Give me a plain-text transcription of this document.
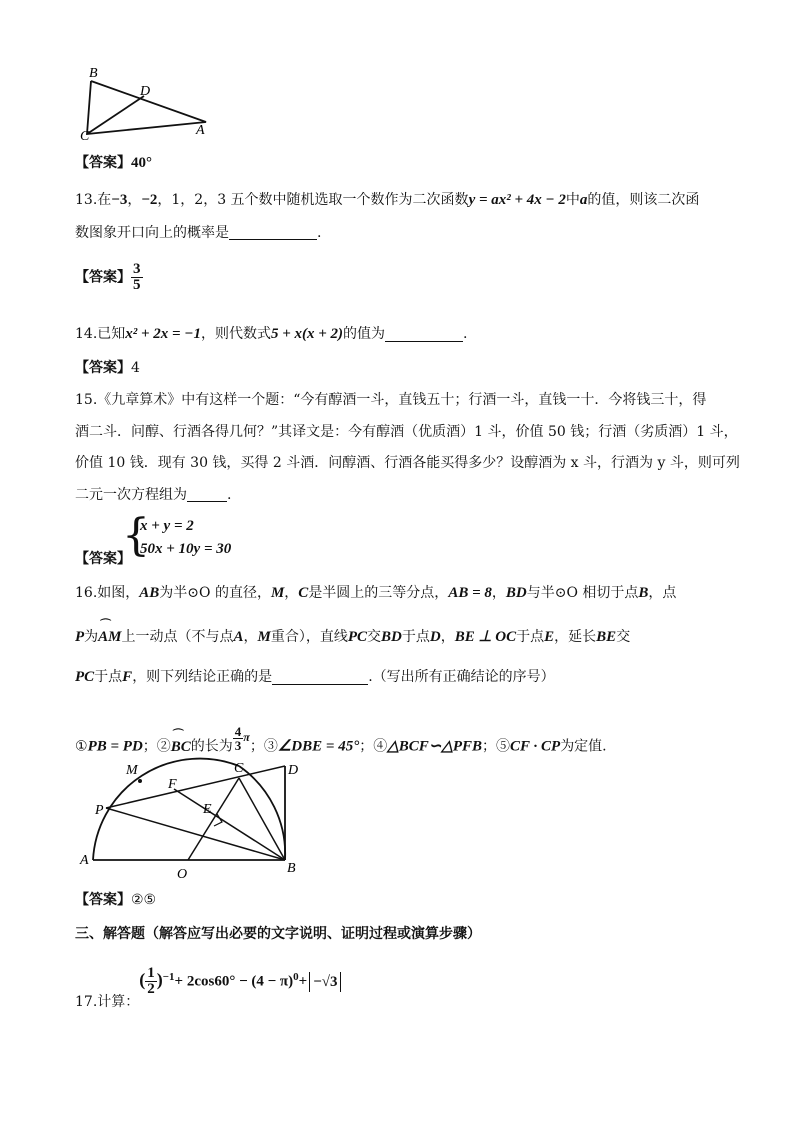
B
D
C	A
【答案】40°
13.在−3，−2，1，2，3 五个数中随机选取一个数作为二次函数y = ax² + 4x − 2中a的值，则该二次函
数图象开口向上的概率是	.
【答案】 $\frac{3}{5}$
14.已知x² + 2x = −1，则代数式5 + x(x + 2)的值为	.
【答案】4
15.《九章算术》中有这样一个题：“今有醇酒一斗，直钱五十；行酒一斗，直钱一十．今将钱三十，得
酒二斗．问醇、行酒各得几何？”其译文是：今有醇酒（优质酒）1 斗，价值 50 钱；行酒（劣质酒）1 斗，
价值 10 钱．现有 30 钱，买得 2 斗酒．问醇酒、行酒各能买得多少？设醇酒为 x 斗，行酒为 y 斗，则可列
二元一次方程组为	.
【答案】
{
x + y = 2
50x + 10y = 30
16.如图，AB为半⊙O 的直径，M，C是半圆上的三等分点，AB = 8，BD与半⊙O 相切于点B，点
P为
⌒
AM上一动点（不与点A，M重合），直线PC交BD于点D，BE ⊥ OC于点E，延长BE交
PC于点F，则下列结论正确的是	.（写出所有正确结论的序号）
①PB = PD；②
⌒
BC的长为 $\frac{4}{3}$ π；③∠DBE = 45°；④△BCF∽△PFB；⑤CF · CP为定值.
M	C	D
F
P	E
A
O	B
【答案】②⑤
三、解答题（解答应写出必要的文字说明、证明过程或演算步骤）
17.计算：( $\frac{1}{2} )^{-1}+ 2\cos 60^\circ - (4 - \pi)^0+ -√3$
